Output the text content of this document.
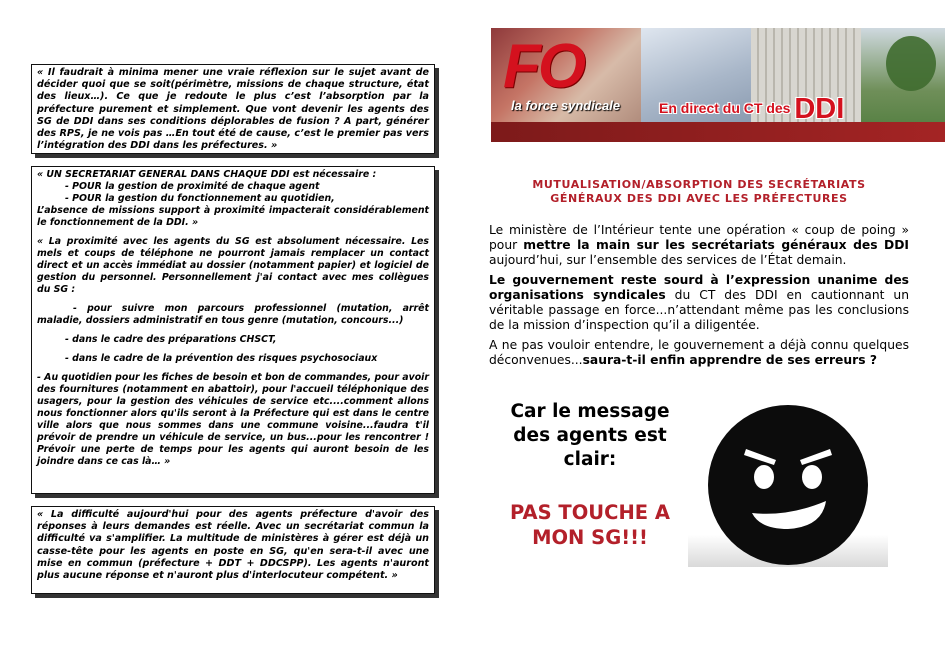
« Il faudrait à minima mener une vraie réflexion sur le sujet avant de décider quoi que se soit(périmètre, missions de chaque structure, état des lieux…). Ce que je redoute le plus c’est l’absorption par la préfecture purement et simplement. Que vont devenir les agents des SG de DDI dans ses conditions déplorables de fusion ? A part, générer des RPS, je ne vois pas …En tout été de cause, c’est le premier pas vers l’intégration des DDI dans les préfectures. »

« UN SECRETARIAT GENERAL DANS CHAQUE DDI est nécessaire :

- POUR la gestion de proximité de chaque agent

- POUR la gestion du fonctionnement au quotidien,

L’absence de missions support à proximité impacterait considérablement le fonctionnement de la DDI. »

« La proximité avec les agents du SG est absolument nécessaire. Les mels et coups de téléphone ne pourront jamais remplacer un contact direct et un accès immédiat au dossier (notamment papier) et logiciel de gestion du personnel. Personnellement j'ai contact avec mes collègues du SG :

- pour suivre mon parcours professionnel (mutation, arrêt maladie, dossiers administratif en tous genre (mutation, concours...)

- dans le cadre des préparations CHSCT,

- dans le cadre de la prévention des risques psychosociaux

- Au quotidien pour les fiches de besoin et bon de commandes, pour avoir des fournitures (notamment en abattoir), pour l'accueil téléphonique des usagers, pour la gestion des véhicules de service etc....comment allons nous fonctionner alors qu'ils seront à la Préfecture qui est dans le centre ville alors que nous sommes dans une commune voisine...faudra t'il prévoir de prendre un véhicule de service, un bus...pour les rencontrer ! Prévoir une perte de temps pour les agents qui auront besoin de les joindre dans ce cas là… »

« La difficulté aujourd'hui pour des agents préfecture d'avoir des réponses à leurs demandes est réelle. Avec un secrétariat commun la difficulté va s'amplifier. La multitude de ministères à gérer est déjà un casse-tête pour les agents en poste en SG, qu'en sera-t-il avec une mise en commun (préfecture + DDT + DDCSPP). Les agents n'auront plus aucune réponse et n'auront plus d'interlocuteur compétent. »

FO
la force syndicale	En direct du CT des DDI

MUTUALISATION/ABSORPTION DES SECRÉTARIATS

GÉNÉRAUX DES DDI AVEC LES PRÉFECTURES

Le ministère de l’Intérieur tente une opération « coup de poing » pour mettre la main sur les secrétariats généraux des DDI aujourd’hui, sur l’ensemble des services de l’État demain.

Le gouvernement reste sourd à l’expression unanime des organisations syndicales du CT des DDI en cautionnant un véritable passage en force...n’attendant même pas les conclusions de la mission d’inspection qu’il a diligentée.

A ne pas vouloir entendre, le gouvernement a déjà connu quelques déconvenues...saura-t-il enfin apprendre de ses erreurs ?

Car le message

des agents est

clair:

PAS TOUCHE A

MON SG!!!
